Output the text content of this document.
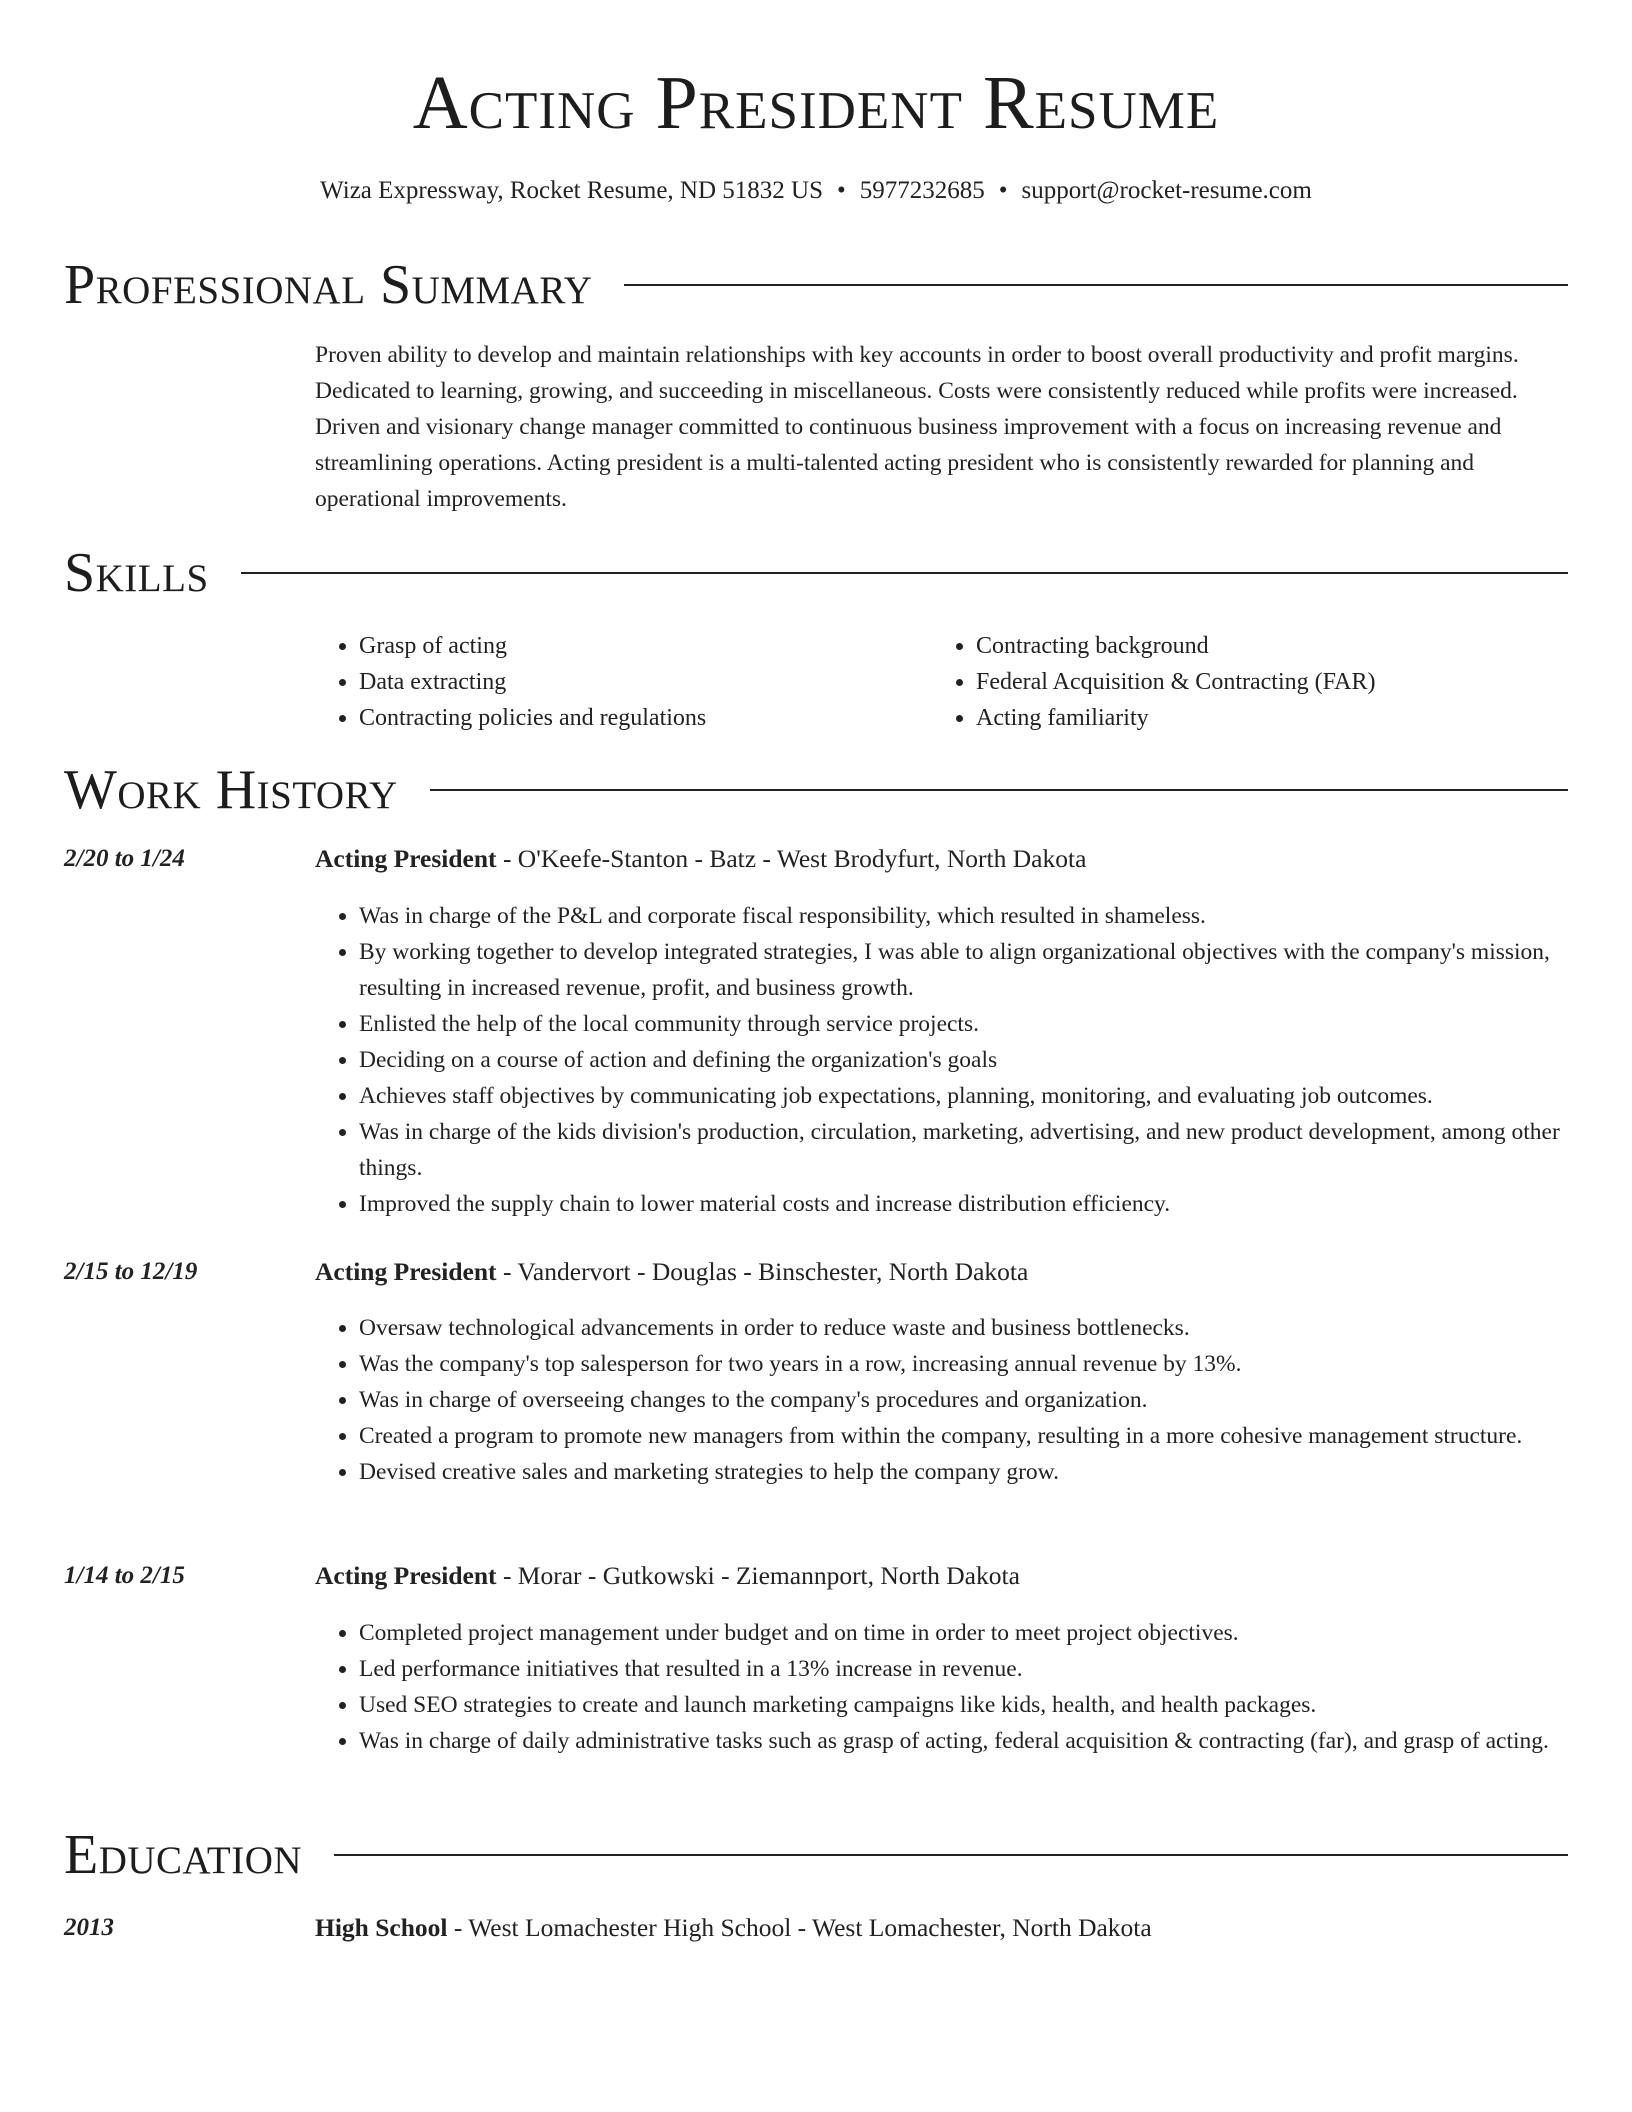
Acting President Resume
Wiza Expressway, Rocket Resume, ND 51832 US • 5977232685 • support@rocket-resume.com
Professional Summary
Proven ability to develop and maintain relationships with key accounts in order to boost overall productivity and profit margins. Dedicated to learning, growing, and succeeding in miscellaneous. Costs were consistently reduced while profits were increased. Driven and visionary change manager committed to continuous business improvement with a focus on increasing revenue and streamlining operations. Acting president is a multi-talented acting president who is consistently rewarded for planning and operational improvements.
Skills
• Grasp of acting
• Data extracting
• Contracting policies and regulations
• Contracting background
• Federal Acquisition & Contracting (FAR)
• Acting familiarity
Work History
2/20 to 1/24	Acting President - O'Keefe-Stanton - Batz - West Brodyfurt, North Dakota
• Was in charge of the P&L and corporate fiscal responsibility, which resulted in shameless.
• By working together to develop integrated strategies, I was able to align organizational objectives with the company's mission, resulting in increased revenue, profit, and business growth.
• Enlisted the help of the local community through service projects.
• Deciding on a course of action and defining the organization's goals
• Achieves staff objectives by communicating job expectations, planning, monitoring, and evaluating job outcomes.
• Was in charge of the kids division's production, circulation, marketing, advertising, and new product development, among other things.
• Improved the supply chain to lower material costs and increase distribution efficiency.
2/15 to 12/19	Acting President - Vandervort - Douglas - Binschester, North Dakota
• Oversaw technological advancements in order to reduce waste and business bottlenecks.
• Was the company's top salesperson for two years in a row, increasing annual revenue by 13%.
• Was in charge of overseeing changes to the company's procedures and organization.
• Created a program to promote new managers from within the company, resulting in a more cohesive management structure.
• Devised creative sales and marketing strategies to help the company grow.
1/14 to 2/15	Acting President - Morar - Gutkowski - Ziemannport, North Dakota
• Completed project management under budget and on time in order to meet project objectives.
• Led performance initiatives that resulted in a 13% increase in revenue.
• Used SEO strategies to create and launch marketing campaigns like kids, health, and health packages.
• Was in charge of daily administrative tasks such as grasp of acting, federal acquisition & contracting (far), and grasp of acting.
Education
2013	High School - West Lomachester High School - West Lomachester, North Dakota
